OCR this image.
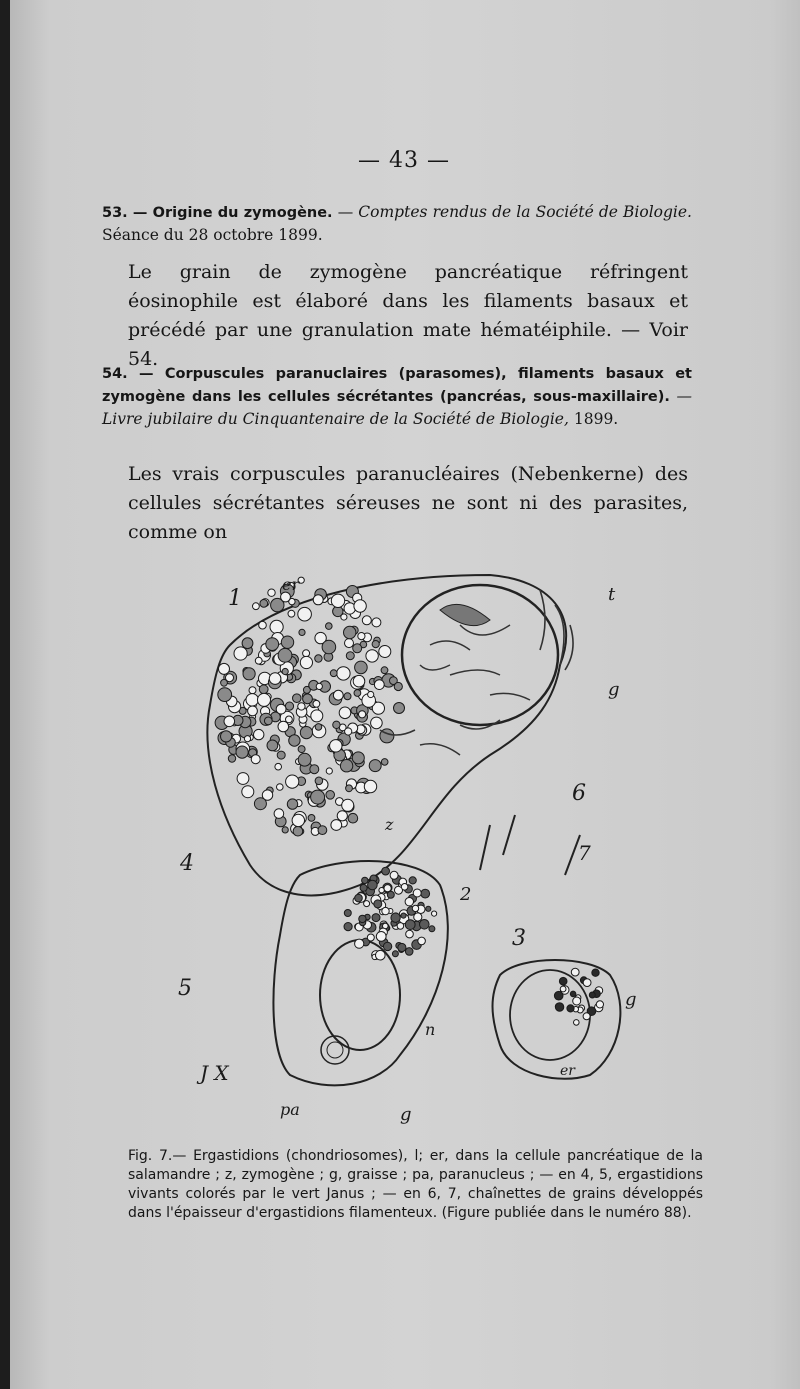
— 43 —
53. — Origine du zymogène. — Comptes rendus de la Société de Biologie. Séance du 28 octobre 1899.
Le grain de zymogène pancréatique réfringent éosinophile est élaboré dans les filaments basaux et précédé par une granulation mate hématéiphile. — Voir 54.
54. — Corpuscules paranuclaires (parasomes), filaments basaux et zymogène dans les cellules sécrétantes (pancréas, sous-maxillaire). — Livre jubilaire du Cinquantenaire de la Société de Biologie, 1899.
Les vrais corpuscules paranucléaires (Nebenkerne) des cellules sécrétantes séreuses ne sont ni des parasites, comme on
1
er	t
g
6
7
4
z
2
3
5
n
pa	g
er
g
J X
Fig. 7.— Ergastidions (chondriosomes), l; er, dans la cellule pancréatique de la salamandre ; z, zymogène ; g, graisse ; pa, paranucleus ; — en 4, 5, ergastidions vivants colorés par le vert Janus ; — en 6, 7, chaînettes de grains développés dans l'épaisseur d'ergastidions filamenteux. (Figure publiée dans le numéro 88).
